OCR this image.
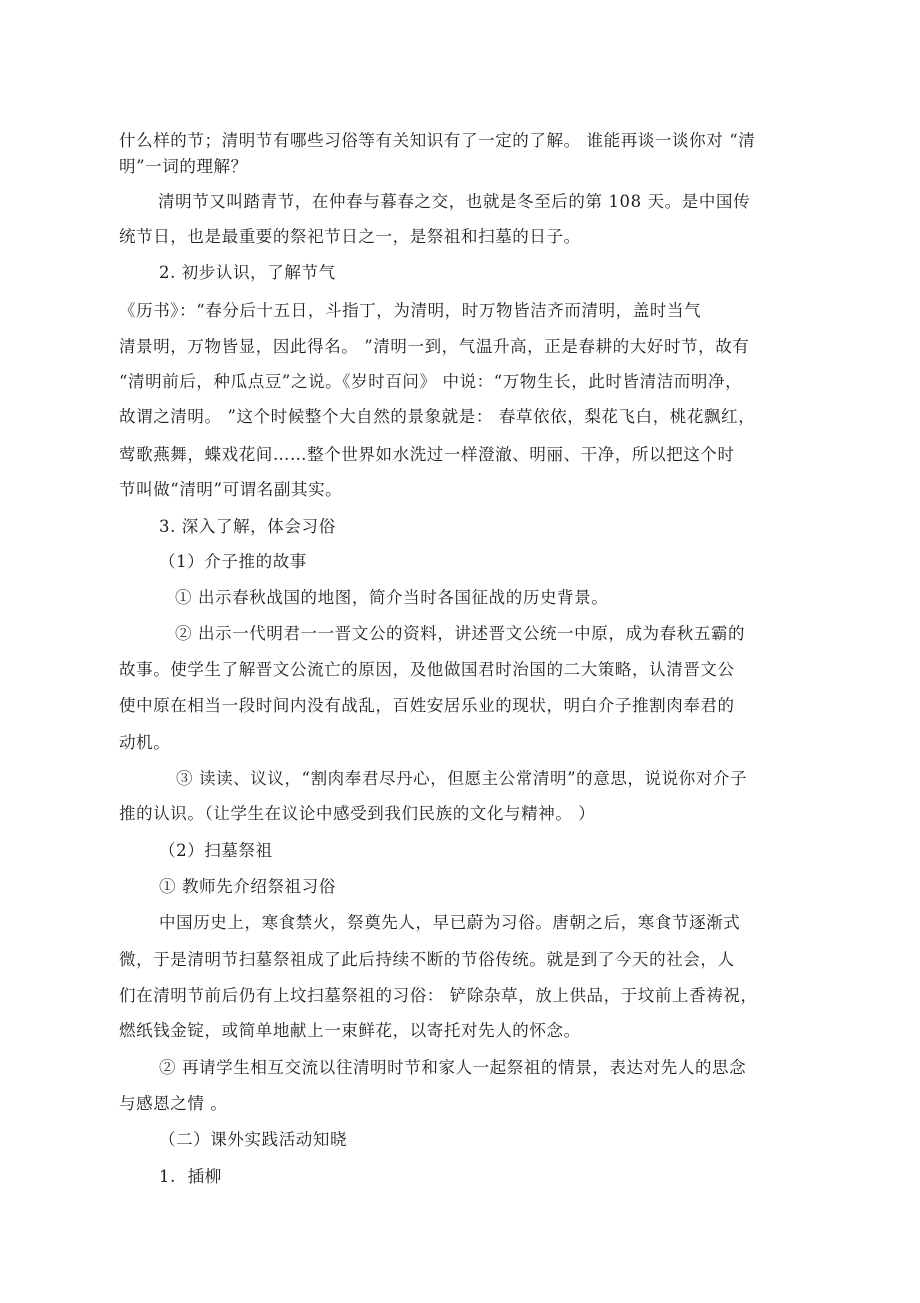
什么样的节；清明节有哪些习俗等有关知识有了一定的了解。 谁能再谈一谈你对 “清
明”一词的理解？
清明节又叫踏青节，在仲春与暮春之交，也就是冬至后的第 108 天。是中国传
统节日，也是最重要的祭祀节日之一，是祭祖和扫墓的日子。
2. 初步认识，了解节气
《历书》：“春分后十五日，斗指丁，为清明，时万物皆洁齐而清明，盖时当气
清景明，万物皆显，因此得名。 ”清明一到，气温升高，正是春耕的大好时节，故有
“清明前后，种瓜点豆”之说。《岁时百问》 中说：“万物生长，此时皆清洁而明净，
故谓之清明。 ”这个时候整个大自然的景象就是： 春草依依，梨花飞白，桃花飘红，
莺歌燕舞，蝶戏花间……整个世界如水洗过一样澄澈、明丽、干净，所以把这个时
节叫做“清明”可谓名副其实。
3. 深入了解，体会习俗
（1）介子推的故事
① 出示春秋战国的地图，简介当时各国征战的历史背景。
② 出示一代明君一一晋文公的资料，讲述晋文公统一中原，成为春秋五霸的
故事。使学生了解晋文公流亡的原因，及他做国君时治国的二大策略，认清晋文公
使中原在相当一段时间内没有战乱，百姓安居乐业的现状，明白介子推割肉奉君的
动机。
③ 读读、议议，“割肉奉君尽丹心，但愿主公常清明”的意思，说说你对介子
推的认识。（让学生在议论中感受到我们民族的文化与精神。 ）
（2）扫墓祭祖
① 教师先介绍祭祖习俗
中国历史上，寒食禁火，祭奠先人，早已蔚为习俗。唐朝之后，寒食节逐渐式
微，于是清明节扫墓祭祖成了此后持续不断的节俗传统。就是到了今天的社会，人
们在清明节前后仍有上坟扫墓祭祖的习俗： 铲除杂草，放上供品，于坟前上香祷祝，
燃纸钱金锭，或简单地献上一束鲜花，以寄托对先人的怀念。
② 再请学生相互交流以往清明时节和家人一起祭祖的情景，表达对先人的思念
与感恩之情 。
（二）课外实践活动知晓
1.  插柳
